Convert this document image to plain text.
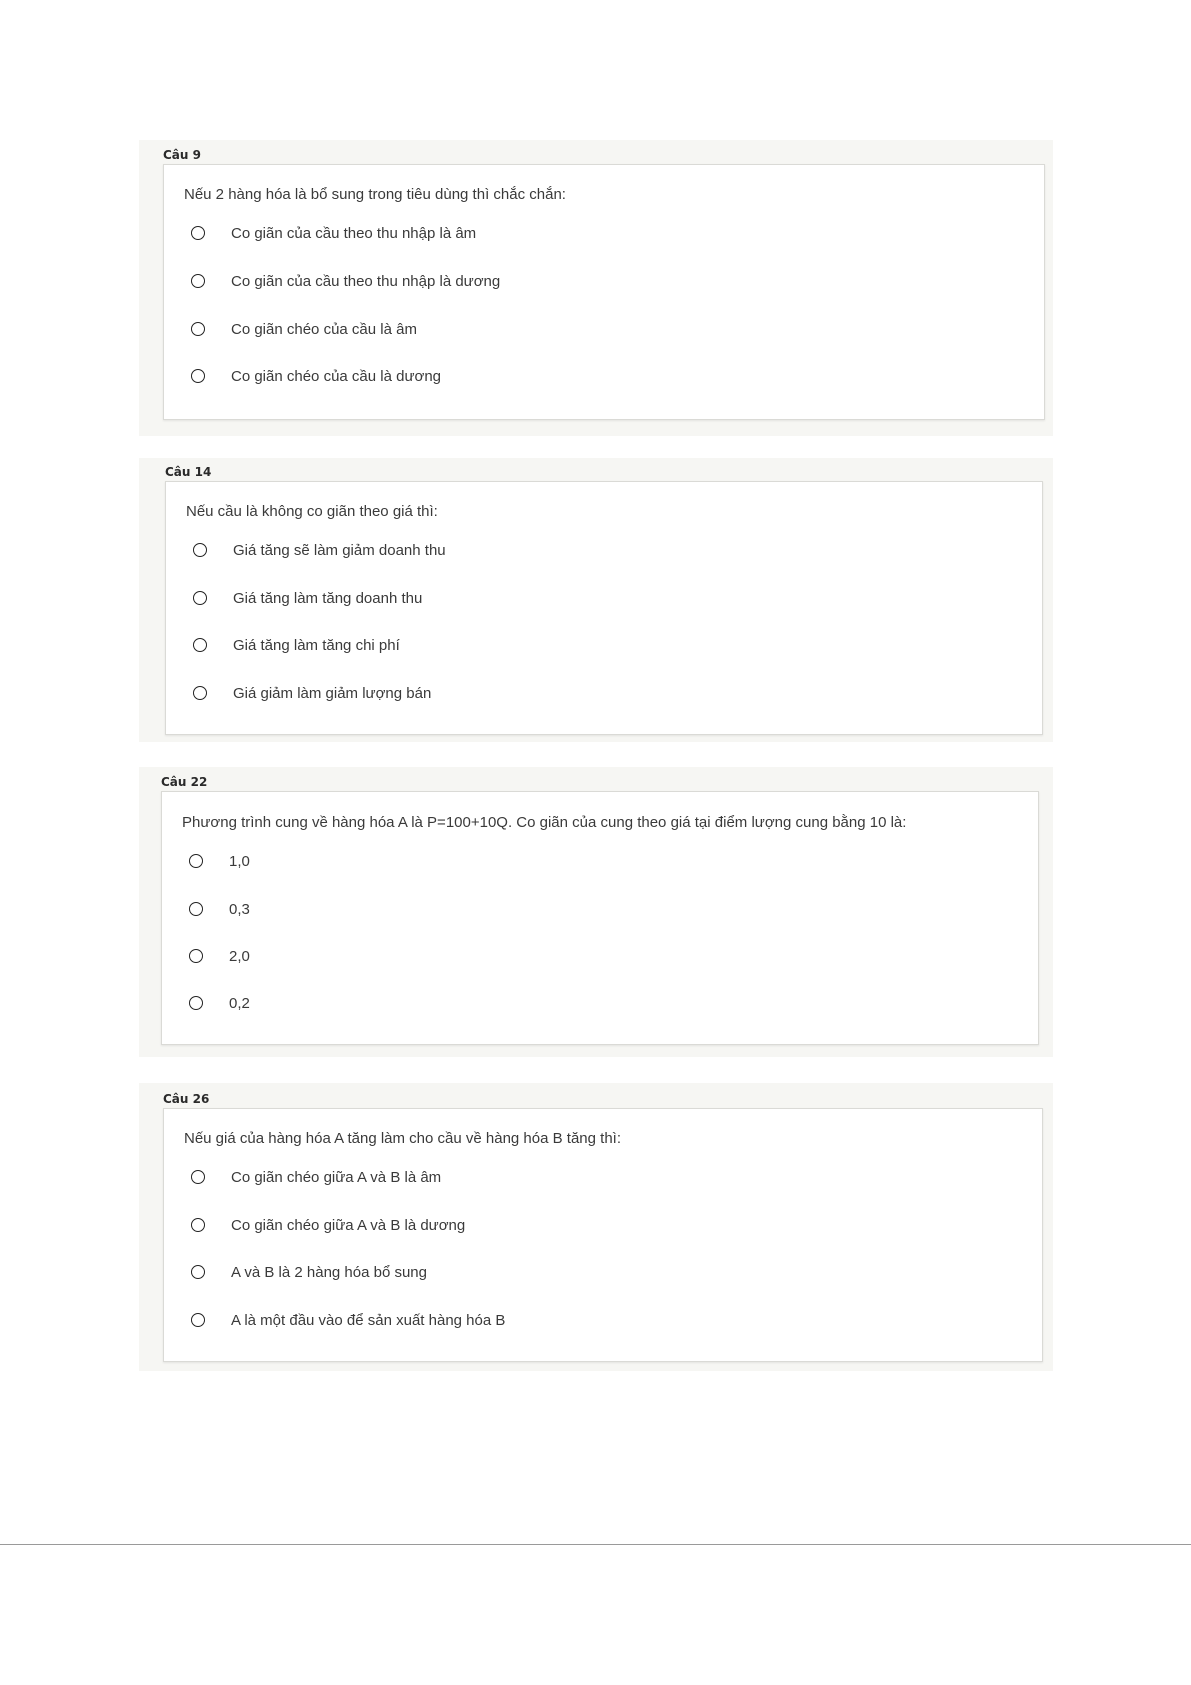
Câu 9
Nếu 2 hàng hóa là bổ sung trong tiêu dùng thì chắc chắn:
Co giãn của cầu theo thu nhập là âm
Co giãn của cầu theo thu nhập là dương
Co giãn chéo của cầu là âm
Co giãn chéo của cầu là dương
Câu 14
Nếu cầu là không co giãn theo giá thì:
Giá tăng sẽ làm giảm doanh thu
Giá tăng làm tăng doanh thu
Giá tăng làm tăng chi phí
Giá giảm làm giảm lượng bán
Câu 22
Phương trình cung về hàng hóa A là P=100+10Q. Co giãn của cung theo giá tại điểm lượng cung bằng 10 là:
1,0
0,3
2,0
0,2
Câu 26
Nếu giá của hàng hóa A tăng làm cho cầu về hàng hóa B tăng thì:
Co giãn chéo giữa A và B là âm
Co giãn chéo giữa A và B là dương
A và B là 2 hàng hóa bổ sung
A là một đầu vào để sản xuất hàng hóa B
